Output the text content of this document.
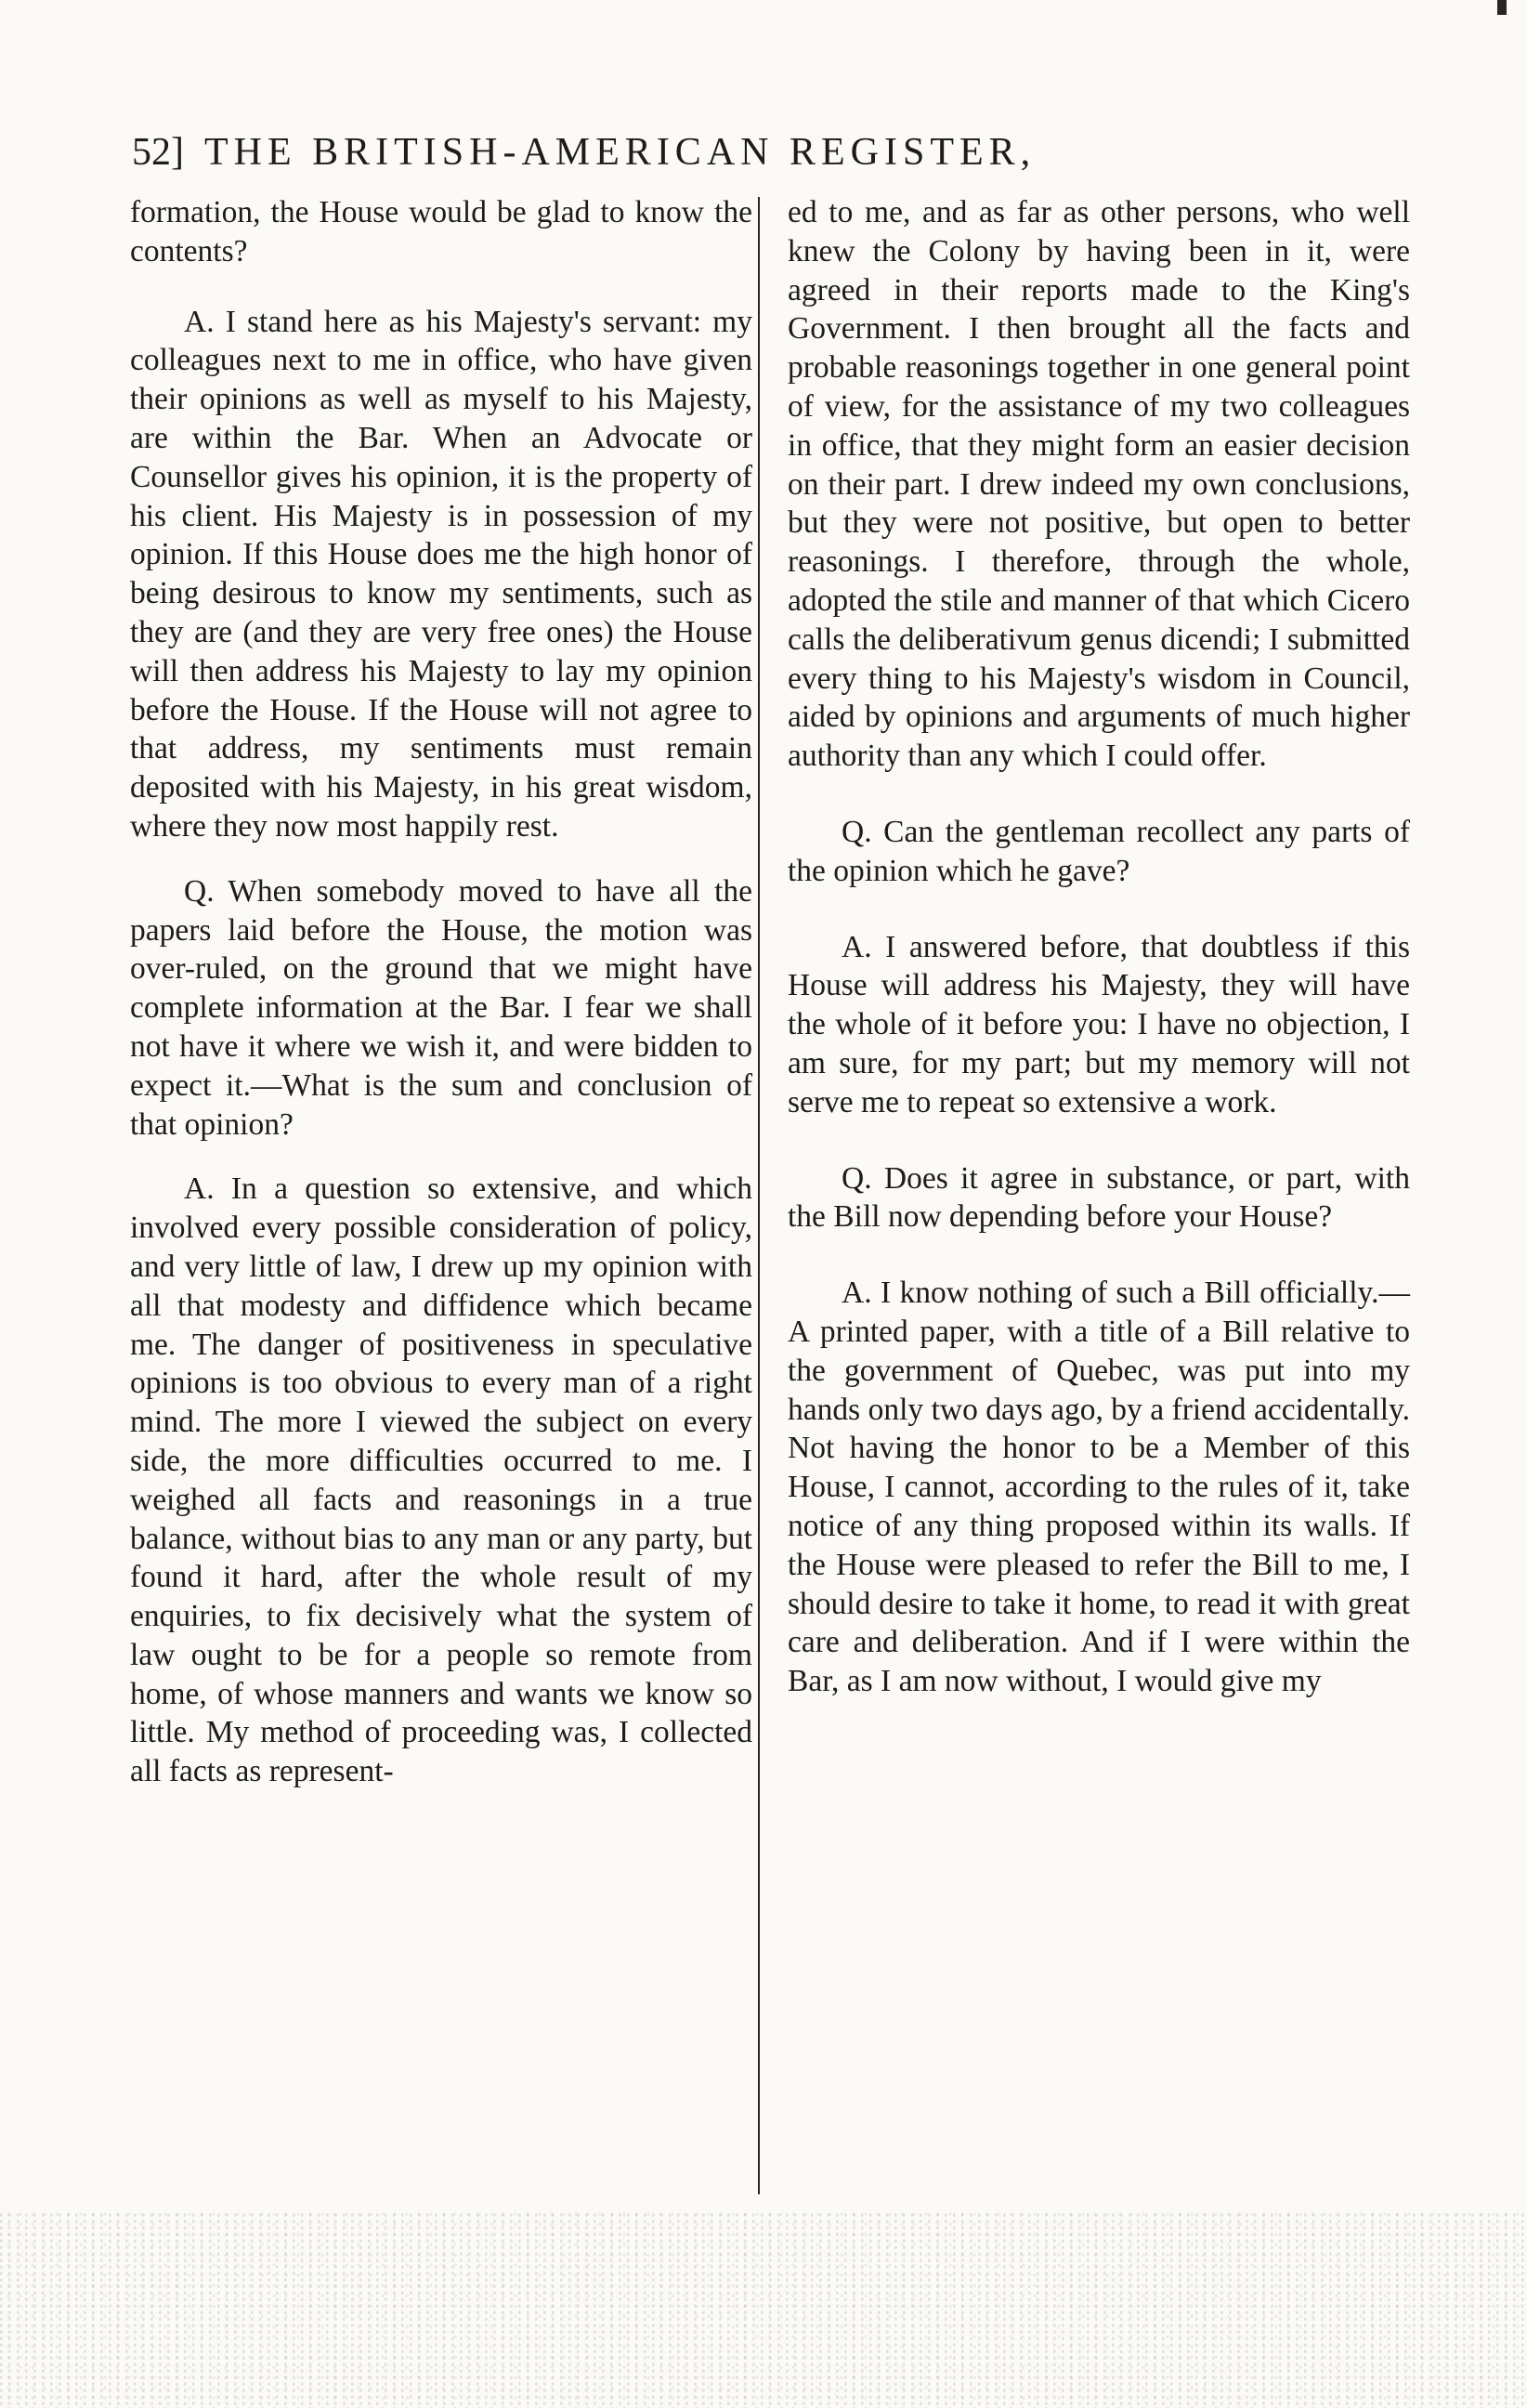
52] THE BRITISH-AMERICAN REGISTER,

formation, the House would be glad to know the contents?

A. I stand here as his Majesty's servant: my colleagues next to me in office, who have given their opinions as well as myself to his Majesty, are within the Bar. When an Advocate or Counsellor gives his opinion, it is the property of his client. His Majesty is in possession of my opinion. If this House does me the high honor of being desirous to know my sentiments, such as they are (and they are very free ones) the House will then address his Majesty to lay my opinion before the House. If the House will not agree to that address, my sentiments must remain deposited with his Majesty, in his great wisdom, where they now most happily rest.

Q. When somebody moved to have all the papers laid before the House, the motion was over-ruled, on the ground that we might have complete information at the Bar. I fear we shall not have it where we wish it, and were bidden to expect it.—What is the sum and conclusion of that opinion?

A. In a question so extensive, and which involved every possible consideration of policy, and very little of law, I drew up my opinion with all that modesty and diffidence which became me. The danger of positiveness in speculative opinions is too obvious to every man of a right mind. The more I viewed the subject on every side, the more difficulties occurred to me. I weighed all facts and reasonings in a true balance, without bias to any man or any party, but found it hard, after the whole result of my enquiries, to fix decisively what the system of law ought to be for a people so remote from home, of whose manners and wants we know so little. My method of proceeding was, I collected all facts as represent-

ed to me, and as far as other persons, who well knew the Colony by having been in it, were agreed in their reports made to the King's Government. I then brought all the facts and probable reasonings together in one general point of view, for the assistance of my two colleagues in office, that they might form an easier decision on their part. I drew indeed my own conclusions, but they were not positive, but open to better reasonings. I therefore, through the whole, adopted the stile and manner of that which Cicero calls the deliberativum genus dicendi; I submitted every thing to his Majesty's wisdom in Council, aided by opinions and arguments of much higher authority than any which I could offer.

Q. Can the gentleman recollect any parts of the opinion which he gave?

A. I answered before, that doubtless if this House will address his Majesty, they will have the whole of it before you: I have no objection, I am sure, for my part; but my memory will not serve me to repeat so extensive a work.

Q. Does it agree in substance, or part, with the Bill now depending before your House?

A. I know nothing of such a Bill officially.—A printed paper, with a title of a Bill relative to the government of Quebec, was put into my hands only two days ago, by a friend accidentally. Not having the honor to be a Member of this House, I cannot, according to the rules of it, take notice of any thing proposed within its walls. If the House were pleased to refer the Bill to me, I should desire to take it home, to read it with great care and deliberation. And if I were within the Bar, as I am now without, I would give my
